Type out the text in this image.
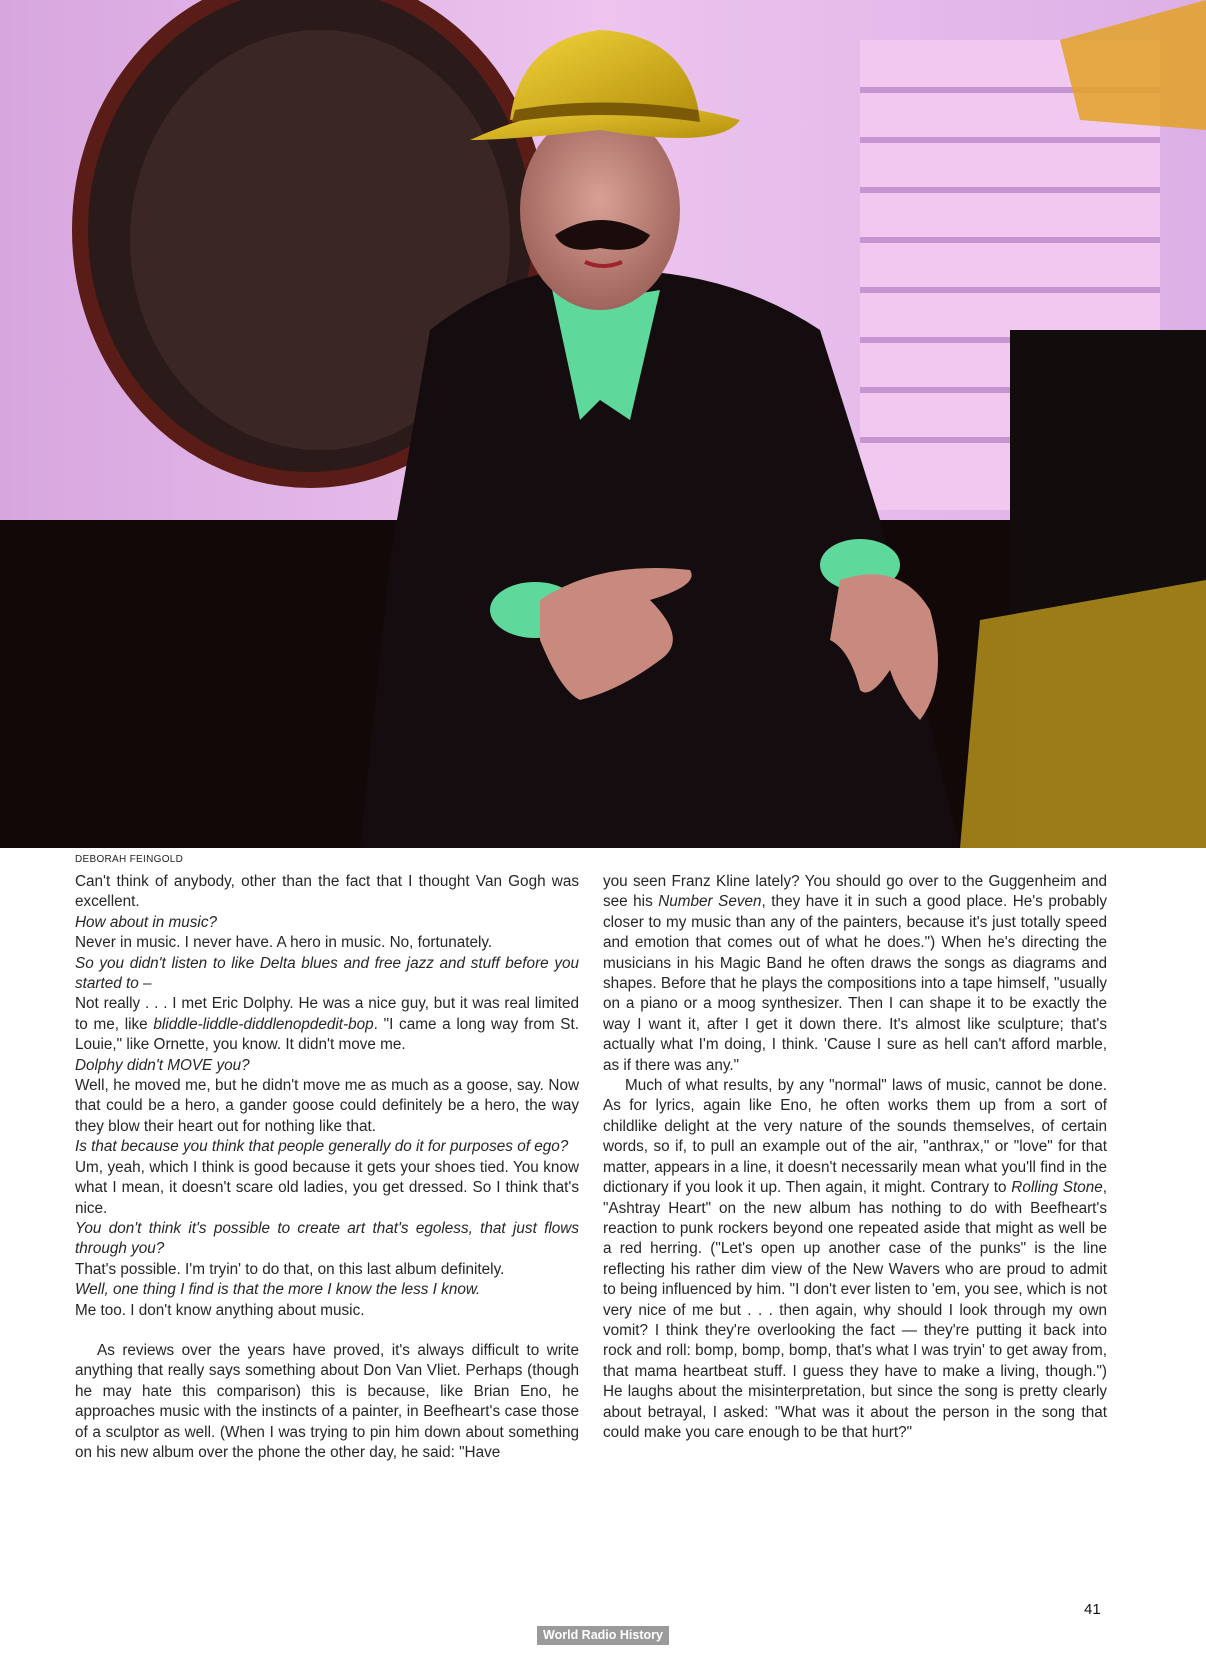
DEBORAH FEINGOLD

Can't think of anybody, other than the fact that I thought Van Gogh was excellent.

How about in music?

Never in music. I never have. A hero in music. No, fortunately.

So you didn't listen to like Delta blues and free jazz and stuff before you started to –

Not really . . . I met Eric Dolphy. He was a nice guy, but it was real limited to me, like bliddle-liddle-diddlenopdedit-bop. "I came a long way from St. Louie," like Ornette, you know. It didn't move me.

Dolphy didn't MOVE you?

Well, he moved me, but he didn't move me as much as a goose, say. Now that could be a hero, a gander goose could definitely be a hero, the way they blow their heart out for nothing like that.

Is that because you think that people generally do it for purposes of ego?

Um, yeah, which I think is good because it gets your shoes tied. You know what I mean, it doesn't scare old ladies, you get dressed. So I think that's nice.

You don't think it's possible to create art that's egoless, that just flows through you?

That's possible. I'm tryin' to do that, on this last album definitely.

Well, one thing I find is that the more I know the less I know.

Me too. I don't know anything about music.

As reviews over the years have proved, it's always difficult to write anything that really says something about Don Van Vliet. Perhaps (though he may hate this comparison) this is because, like Brian Eno, he approaches music with the instincts of a painter, in Beefheart's case those of a sculptor as well. (When I was trying to pin him down about something on his new album over the phone the other day, he said: "Have

you seen Franz Kline lately? You should go over to the Guggenheim and see his Number Seven, they have it in such a good place. He's probably closer to my music than any of the painters, because it's just totally speed and emotion that comes out of what he does.") When he's directing the musicians in his Magic Band he often draws the songs as diagrams and shapes. Before that he plays the compositions into a tape himself, "usually on a piano or a moog synthesizer. Then I can shape it to be exactly the way I want it, after I get it down there. It's almost like sculpture; that's actually what I'm doing, I think. 'Cause I sure as hell can't afford marble, as if there was any."

Much of what results, by any "normal" laws of music, cannot be done. As for lyrics, again like Eno, he often works them up from a sort of childlike delight at the very nature of the sounds themselves, of certain words, so if, to pull an example out of the air, "anthrax," or "love" for that matter, appears in a line, it doesn't necessarily mean what you'll find in the dictionary if you look it up. Then again, it might. Contrary to Rolling Stone, "Ashtray Heart" on the new album has nothing to do with Beefheart's reaction to punk rockers beyond one repeated aside that might as well be a red herring. ("Let's open up another case of the punks" is the line reflecting his rather dim view of the New Wavers who are proud to admit to being influenced by him. "I don't ever listen to 'em, you see, which is not very nice of me but . . . then again, why should I look through my own vomit? I think they're overlooking the fact — they're putting it back into rock and roll: bomp, bomp, bomp, that's what I was tryin' to get away from, that mama heartbeat stuff. I guess they have to make a living, though.") He laughs about the misinterpretation, but since the song is pretty clearly about betrayal, I asked: "What was it about the person in the song that could make you care enough to be that hurt?"

41
World Radio History
